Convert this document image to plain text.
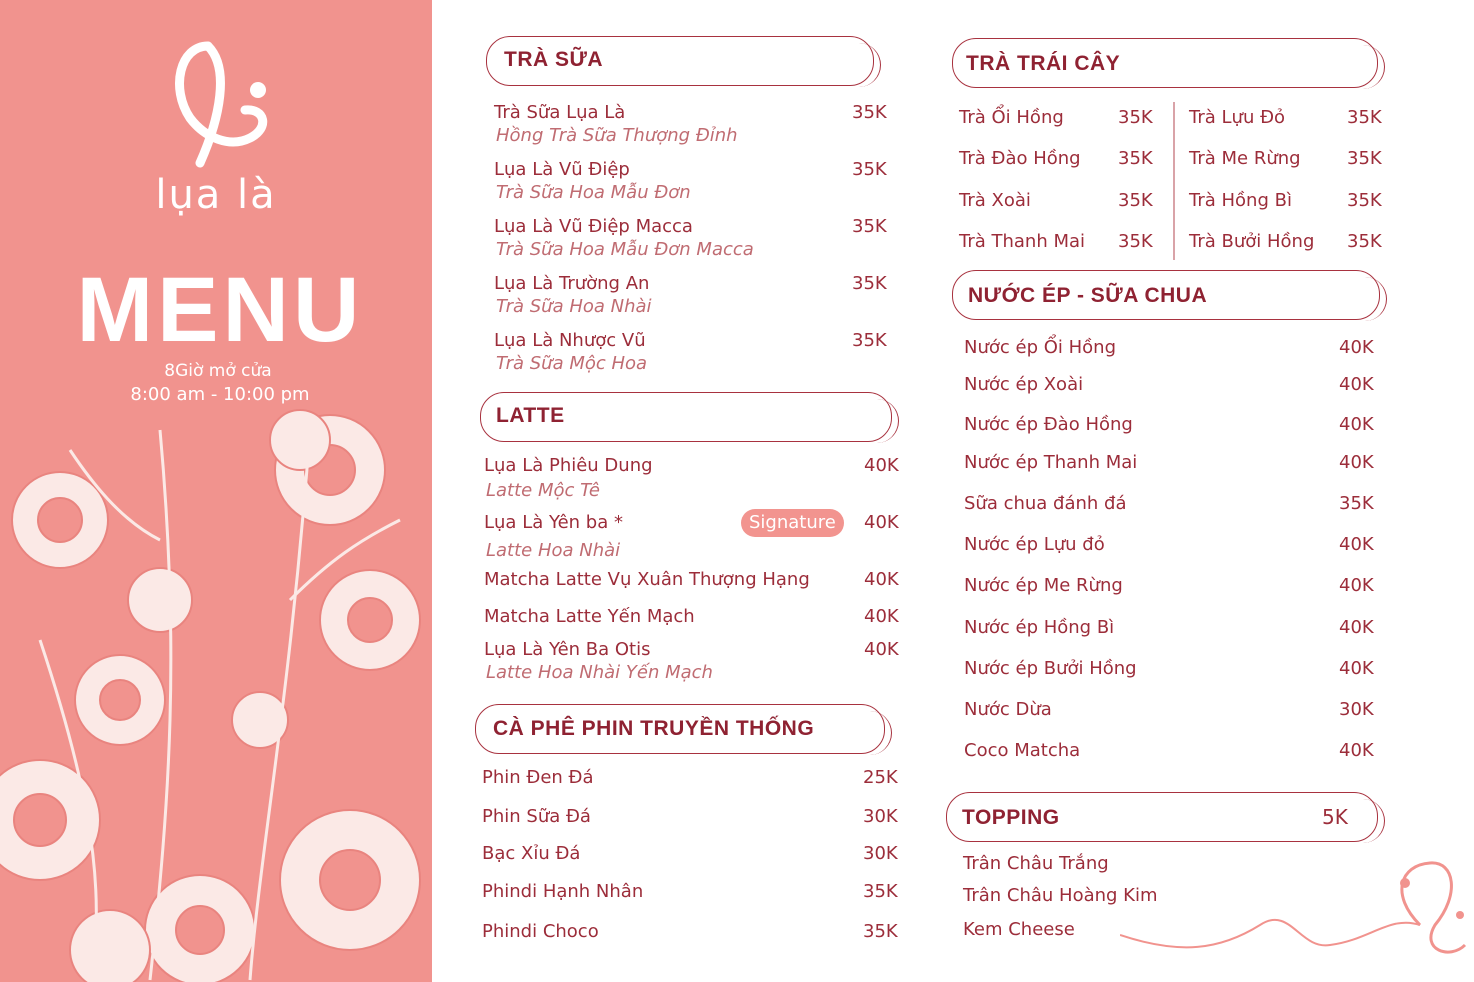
lụa là
MENU
8Giờ mở cửa
8:00 am - 10:00 pm
TRÀ SỮA
Trà Sữa Lụa Là
Hồng Trà Sữa Thượng Đỉnh
35K
Lụa Là Vũ Điệp
Trà Sữa Hoa Mẫu Đơn
35K
Lụa Là Vũ Điệp Macca
Trà Sữa Hoa Mẫu Đơn Macca
35K
Lụa Là Trường An
Trà Sữa Hoa Nhài
35K
Lụa Là Nhược Vũ
Trà Sữa Mộc Hoa
35K
LATTE
Lụa Là Phiêu Dung
Latte Mộc Tê
40K
Lụa Là Yên ba *
Latte Hoa Nhài
40K
Signature
Matcha Latte Vụ Xuân Thượng Hạng	40K
Matcha Latte Yến Mạch	40K
Lụa Là Yên Ba Otis
Latte Hoa Nhài Yến Mạch
40K
CÀ PHÊ PHIN TRUYỀN THỐNG
Phin Đen Đá	25K
Phin Sữa Đá	30K
Bạc Xỉu Đá	30K
Phindi Hạnh Nhân	35K
Phindi Choco	35K
TRÀ TRÁI CÂY
Trà Ổi Hồng	35K
Trà Đào Hồng 35K
Trà Xoài	35K
Trà Thanh Mai 35K
Trà Lựu Đỏ	35K
Trà Me Rừng	35K
Trà Hồng Bì	35K
Trà Bưởi Hồng 35K
NƯỚC ÉP - SỮA CHUA
Nước ép Ổi Hồng	40K
Nước ép Xoài	40K
Nước ép Đào Hồng	40K
Nước ép Thanh Mai	40K
Sữa chua đánh đá	35K
Nước ép Lựu đỏ	40K
Nước ép Me Rừng	40K
Nước ép Hồng Bì	40K
Nước ép Bưởi Hồng	40K
Nước Dừa	30K
Coco Matcha	40K
TOPPING	5K
Trân Châu Trắng
Trân Châu Hoàng Kim
Kem Cheese
